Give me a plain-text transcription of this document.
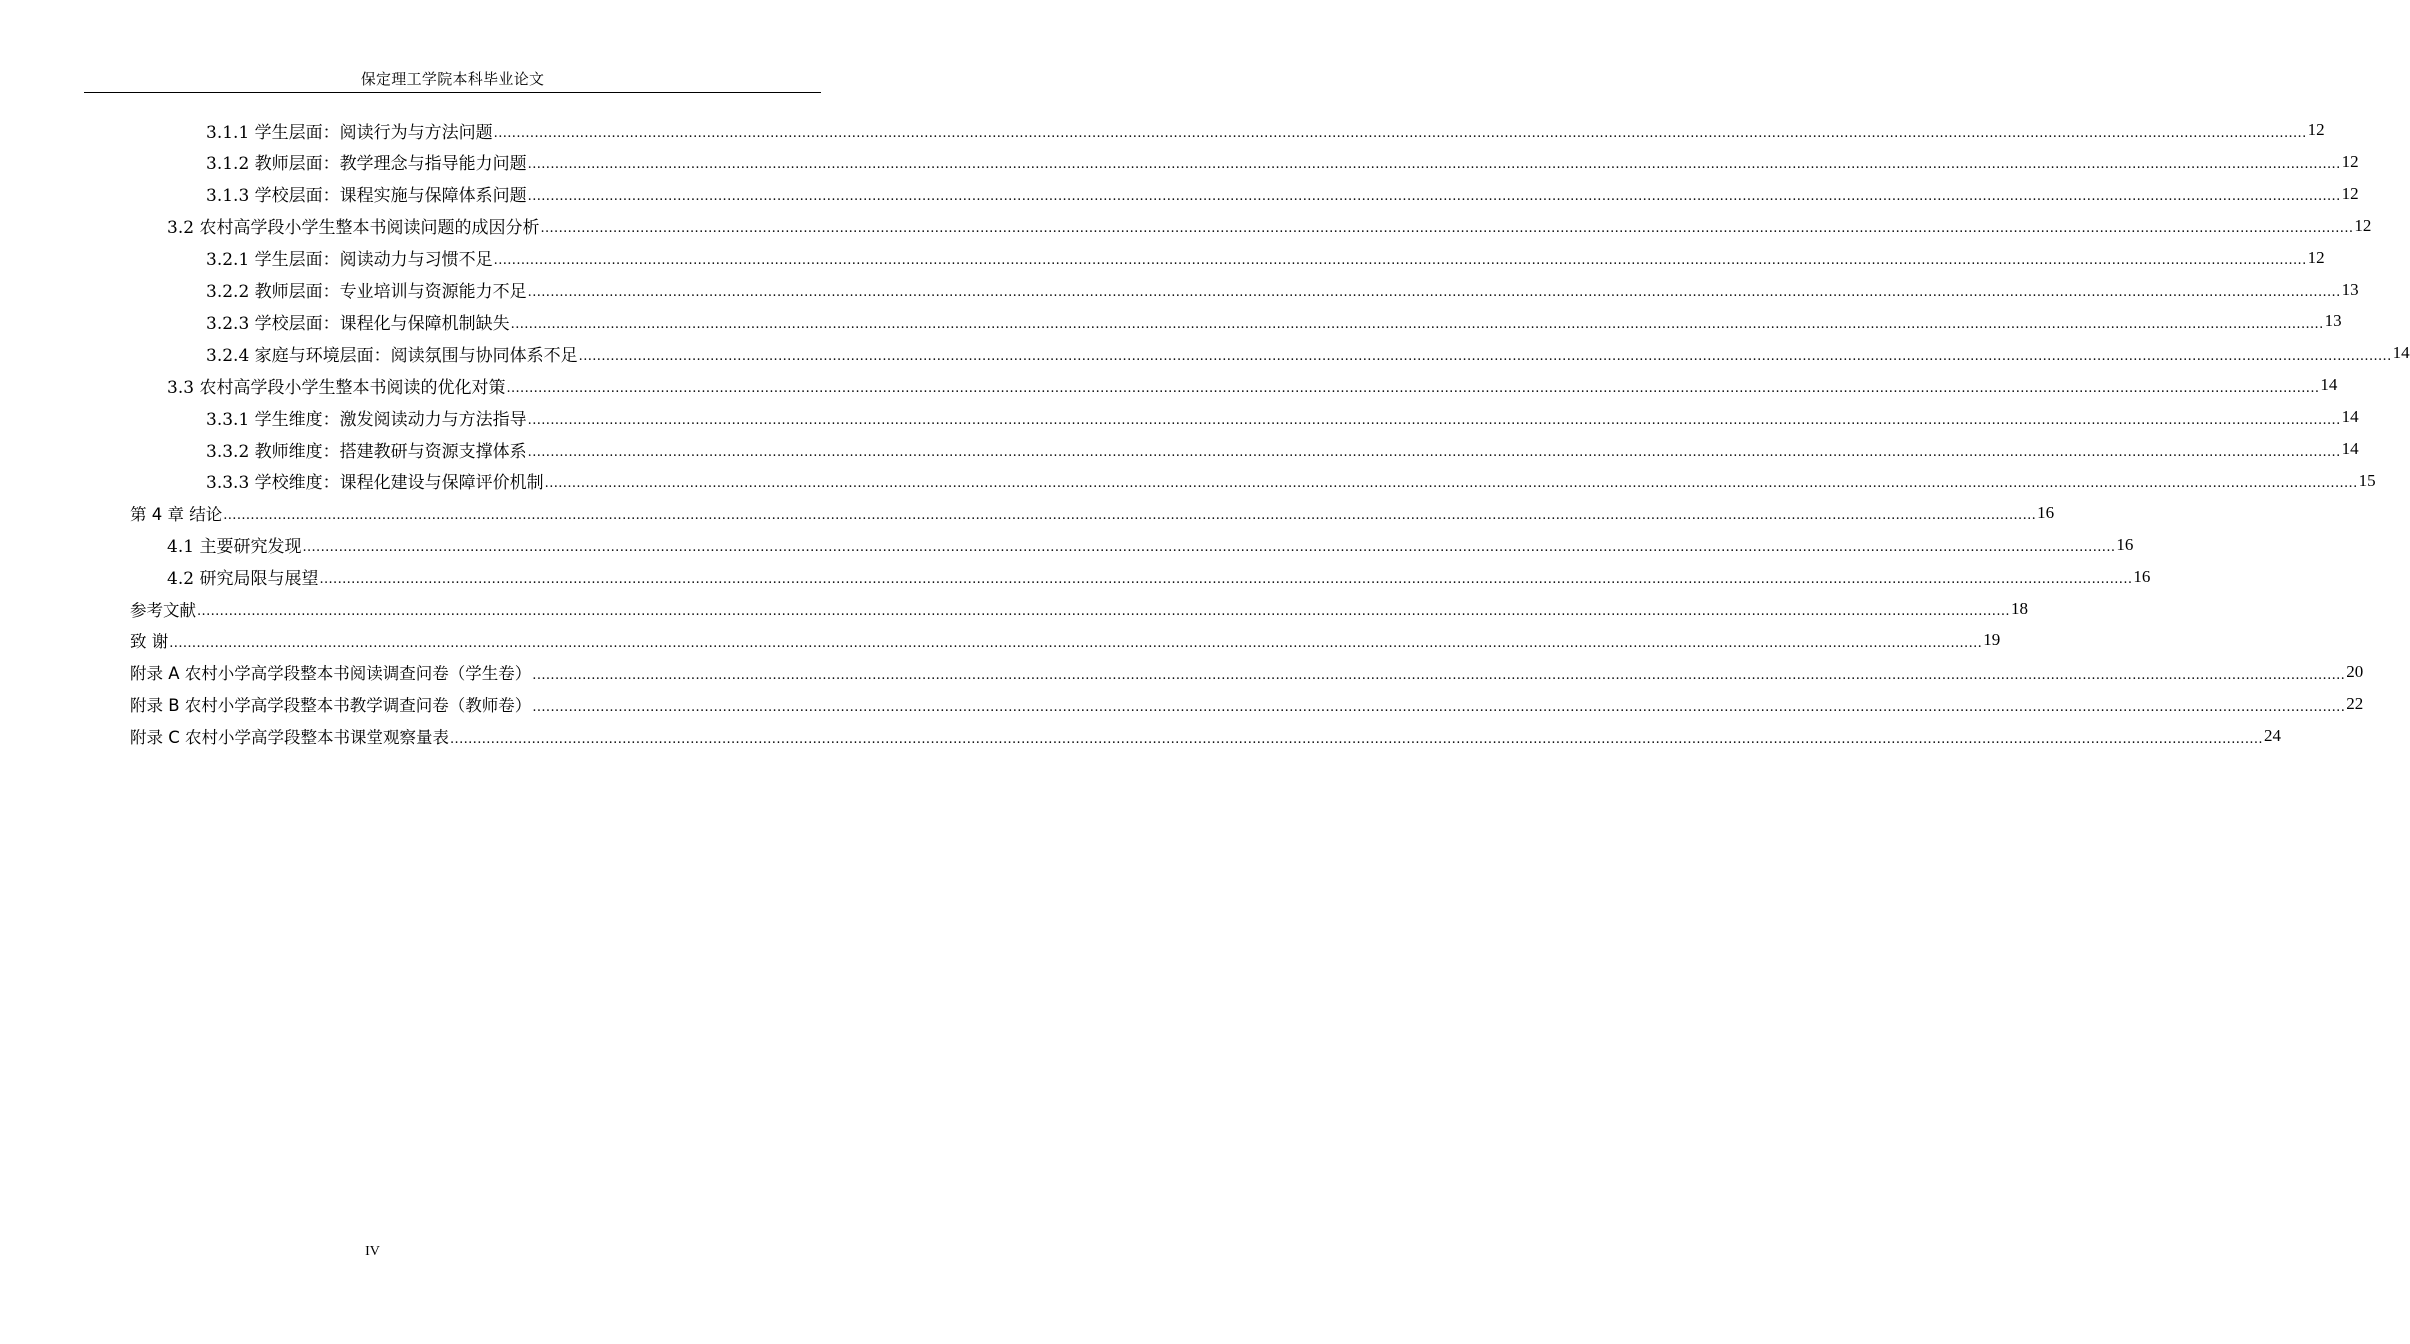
保定理工学院本科毕业论文
3.1.1 学生层面：阅读行为与方法问题 ................................................................................................................................................................................................................................................................................................................................................................................................................ 12
3.1.2 教师层面：教学理念与指导能力问题 ................................................................................................................................................................................................................................................................................................................................................................................................................ 12
3.1.3 学校层面：课程实施与保障体系问题 ................................................................................................................................................................................................................................................................................................................................................................................................................ 12
3.2 农村高学段小学生整本书阅读问题的成因分析 ................................................................................................................................................................................................................................................................................................................................................................................................................ 12
3.2.1 学生层面：阅读动力与习惯不足 ................................................................................................................................................................................................................................................................................................................................................................................................................ 12
3.2.2 教师层面：专业培训与资源能力不足 ................................................................................................................................................................................................................................................................................................................................................................................................................ 13
3.2.3 学校层面：课程化与保障机制缺失 ................................................................................................................................................................................................................................................................................................................................................................................................................ 13
3.2.4 家庭与环境层面：阅读氛围与协同体系不足 ................................................................................................................................................................................................................................................................................................................................................................................................................ 14
3.3 农村高学段小学生整本书阅读的优化对策 ................................................................................................................................................................................................................................................................................................................................................................................................................ 14
3.3.1 学生维度：激发阅读动力与方法指导 ................................................................................................................................................................................................................................................................................................................................................................................................................ 14
3.3.2 教师维度：搭建教研与资源支撑体系 ................................................................................................................................................................................................................................................................................................................................................................................................................ 14
3.3.3 学校维度：课程化建设与保障评价机制 ................................................................................................................................................................................................................................................................................................................................................................................................................ 15
第 4 章 结论 ................................................................................................................................................................................................................................................................................................................................................................................................................ 16
4.1 主要研究发现 ................................................................................................................................................................................................................................................................................................................................................................................................................ 16
4.2 研究局限与展望 ................................................................................................................................................................................................................................................................................................................................................................................................................ 16
参考文献 ................................................................................................................................................................................................................................................................................................................................................................................................................ 18
致 谢 ................................................................................................................................................................................................................................................................................................................................................................................................................ 19
附录 A 农村小学高学段整本书阅读调查问卷（学生卷） ................................................................................................................................................................................................................................................................................................................................................................................................................ 20
附录 B 农村小学高学段整本书教学调查问卷（教师卷） ................................................................................................................................................................................................................................................................................................................................................................................................................ 22
附录 C 农村小学高学段整本书课堂观察量表 ................................................................................................................................................................................................................................................................................................................................................................................................................ 24
IV
